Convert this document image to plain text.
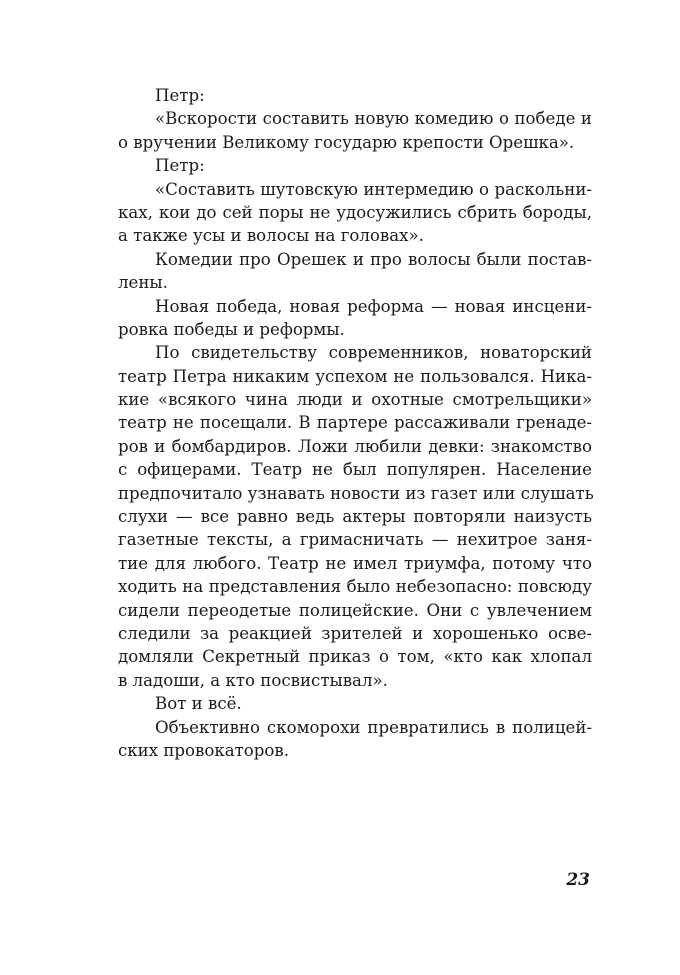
Петр:
«Вскорости составить новую комедию о победе и
о вручении Великому государю крепости Орешка».
Петр:
«Составить шутовскую интермедию о раскольни-
ках, кои до сей поры не удосужились сбрить бороды,
а также усы и волосы на головах».
Комедии про Орешек и про волосы были постав-
лены.
Новая победа, новая реформа — новая инсцени-
ровка победы и реформы.
По свидетельству современников, новаторский
театр Петра никаким успехом не пользовался. Ника-
кие «всякого чина люди и охотные смотрельщики»
театр не посещали. В партере рассаживали гренаде-
ров и бомбардиров. Ложи любили девки: знакомство
с офицерами. Театр не был популярен. Население
предпочитало узнавать новости из газет или слушать
слухи — все равно ведь актеры повторяли наизусть
газетные тексты, а гримасничать — нехитрое заня-
тие для любого. Театр не имел триумфа, потому что
ходить на представления было небезопасно: повсюду
сидели переодетые полицейские. Они с увлечением
следили за реакцией зрителей и хорошенько осве-
домляли Секретный приказ о том, «кто как хлопал
в ладоши, а кто посвистывал».
Вот и всё.
Объективно скоморохи превратились в полицей-
ских провокаторов.
23
